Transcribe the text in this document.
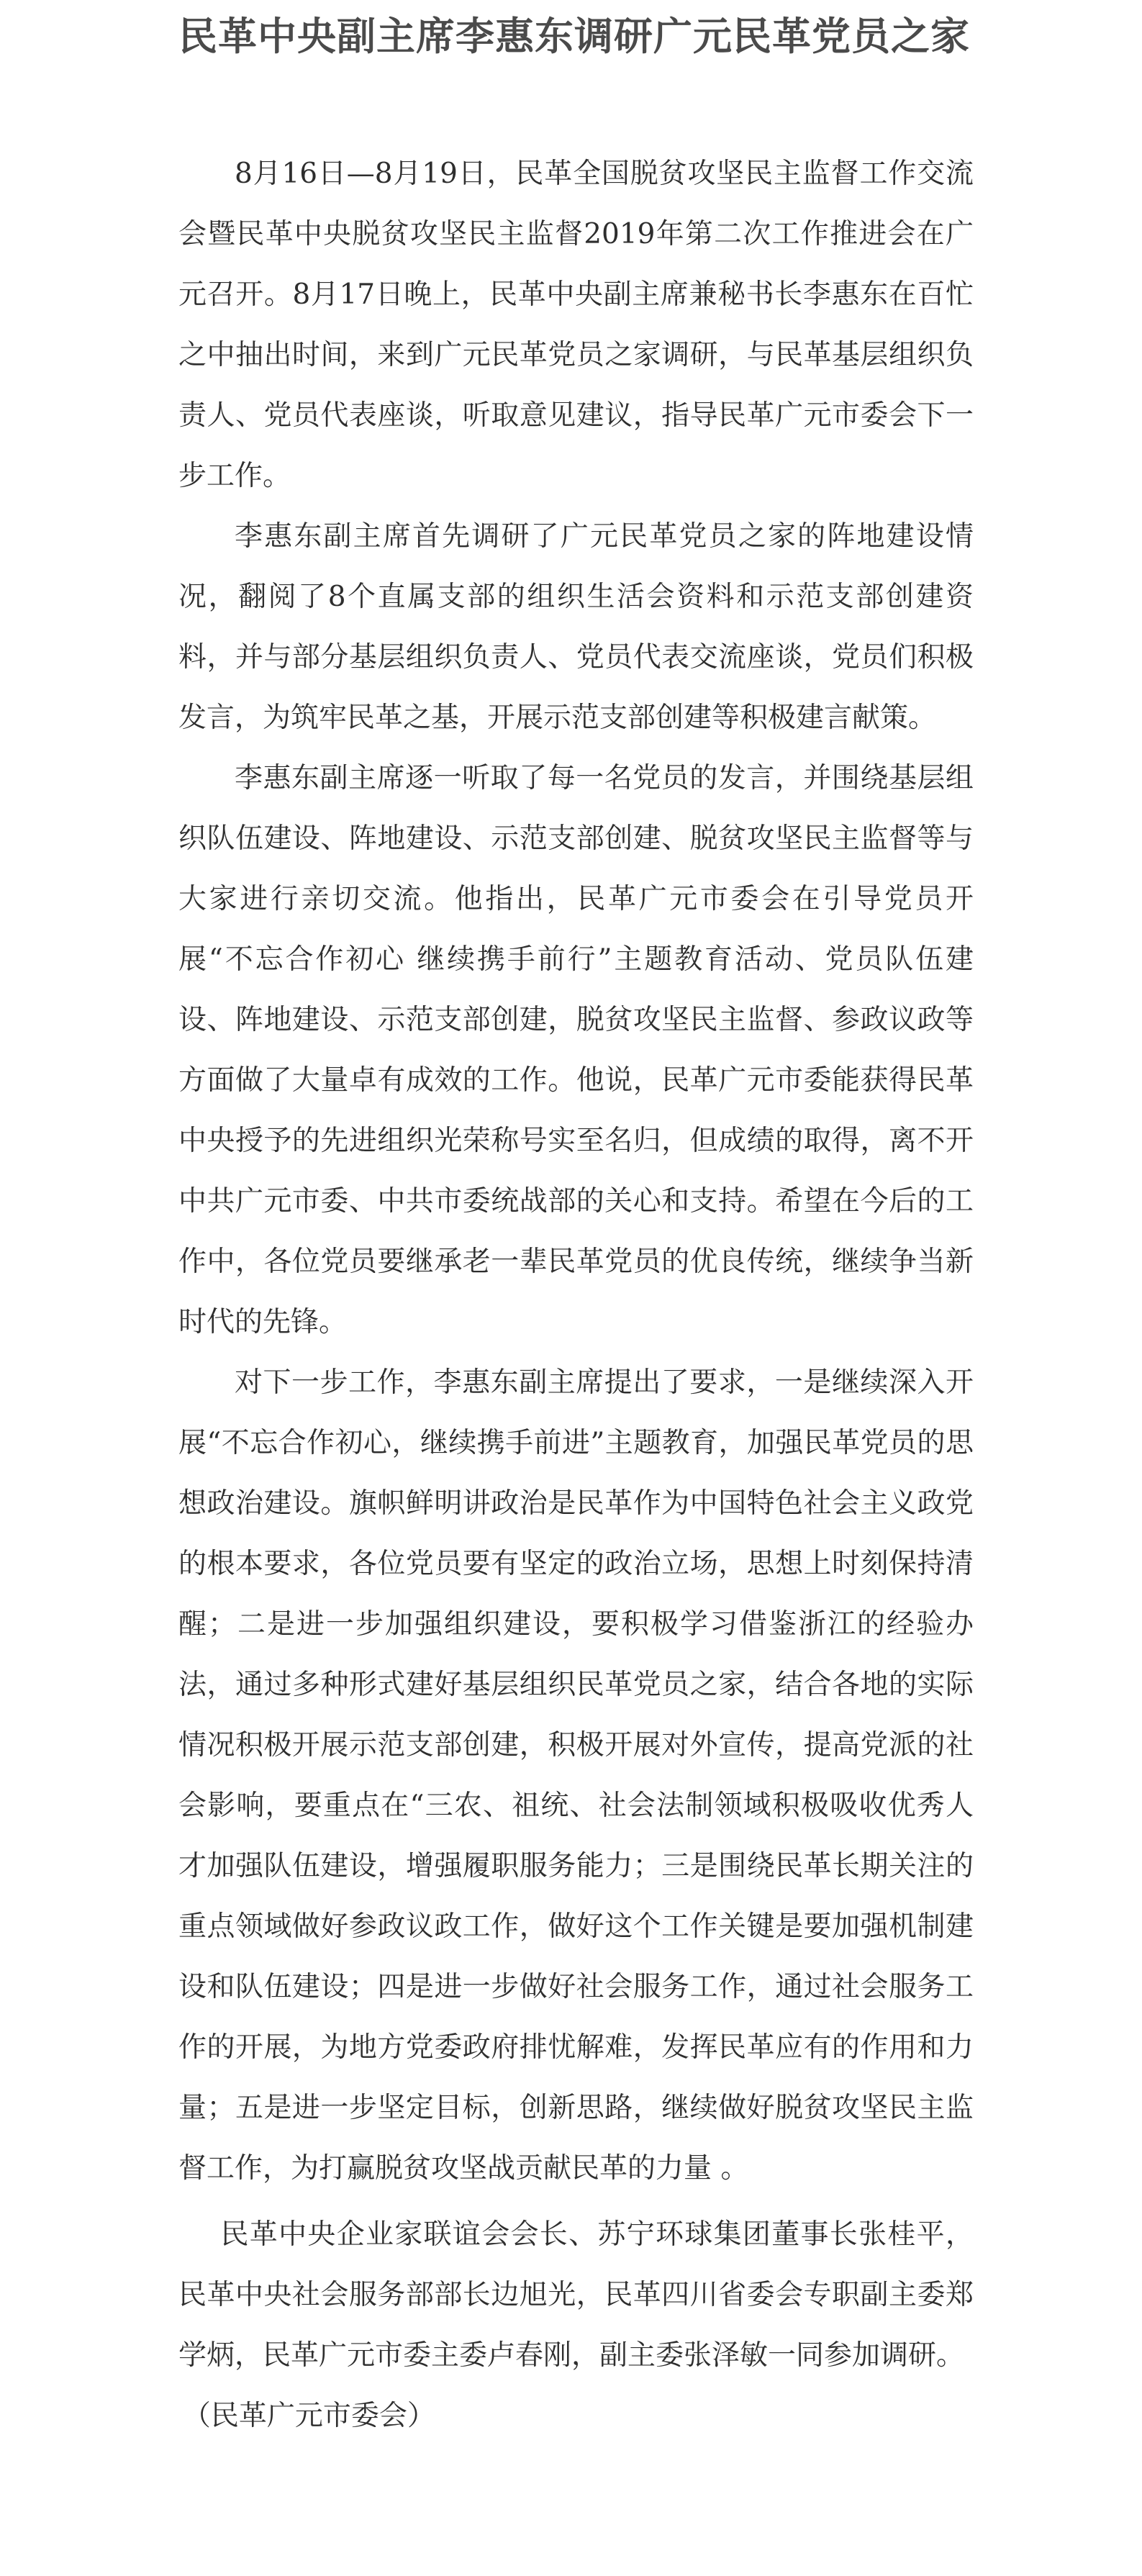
民革中央副主席李惠东调研广元民革党员之家

8月16日—8月19日，民革全国脱贫攻坚民主监督工作交流会暨民革中央脱贫攻坚民主监督2019年第二次工作推进会在广元召开。8月17日晚上，民革中央副主席兼秘书长李惠东在百忙之中抽出时间，来到广元民革党员之家调研，与民革基层组织负责人、党员代表座谈，听取意见建议，指导民革广元市委会下一步工作。

李惠东副主席首先调研了广元民革党员之家的阵地建设情况，翻阅了8个直属支部的组织生活会资料和示范支部创建资料，并与部分基层组织负责人、党员代表交流座谈，党员们积极发言，为筑牢民革之基，开展示范支部创建等积极建言献策。

李惠东副主席逐一听取了每一名党员的发言，并围绕基层组织队伍建设、阵地建设、示范支部创建、脱贫攻坚民主监督等与大家进行亲切交流。他指出，民革广元市委会在引导党员开展“不忘合作初心 继续携手前行”主题教育活动、党员队伍建设、阵地建设、示范支部创建，脱贫攻坚民主监督、参政议政等方面做了大量卓有成效的工作。他说，民革广元市委能获得民革中央授予的先进组织光荣称号实至名归，但成绩的取得，离不开中共广元市委、中共市委统战部的关心和支持。希望在今后的工作中，各位党员要继承老一辈民革党员的优良传统，继续争当新时代的先锋。

对下一步工作，李惠东副主席提出了要求，一是继续深入开展“不忘合作初心，继续携手前进”主题教育，加强民革党员的思想政治建设。旗帜鲜明讲政治是民革作为中国特色社会主义政党的根本要求，各位党员要有坚定的政治立场，思想上时刻保持清醒；二是进一步加强组织建设，要积极学习借鉴浙江的经验办法，通过多种形式建好基层组织民革党员之家，结合各地的实际情况积极开展示范支部创建，积极开展对外宣传，提高党派的社会影响，要重点在“三农、祖统、社会法制领域积极吸收优秀人才加强队伍建设，增强履职服务能力；三是围绕民革长期关注的重点领域做好参政议政工作，做好这个工作关键是要加强机制建设和队伍建设；四是进一步做好社会服务工作，通过社会服务工作的开展，为地方党委政府排忧解难，发挥民革应有的作用和力量；五是进一步坚定目标，创新思路，继续做好脱贫攻坚民主监督工作，为打赢脱贫攻坚战贡献民革的力量 。

民革中央企业家联谊会会长、苏宁环球集团董事长张桂平，民革中央社会服务部部长边旭光，民革四川省委会专职副主委郑学炳，民革广元市委主委卢春刚，副主委张泽敏一同参加调研。

（民革广元市委会）
